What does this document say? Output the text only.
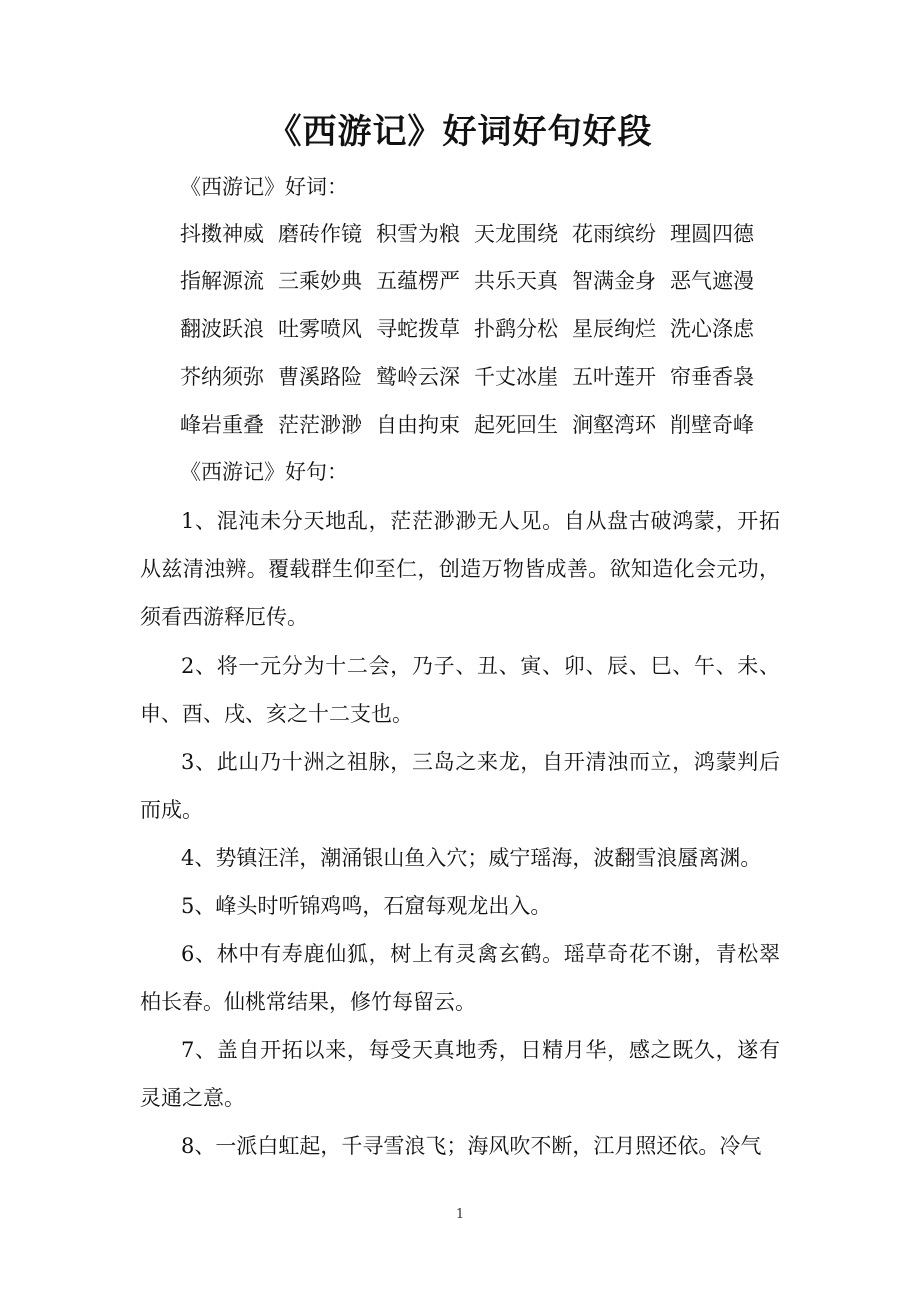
《西游记》好词好句好段
《西游记》好词：
抖擞神威 磨砖作镜 积雪为粮 天龙围绕 花雨缤纷 理圆四德
指解源流 三乘妙典 五蕴楞严 共乐天真 智满金身 恶气遮漫
翻波跃浪 吐雾喷风 寻蛇拨草 扑鹞分松 星辰绚烂 洗心涤虑
芥纳须弥 曹溪路险 鹫岭云深 千丈冰崖 五叶莲开 帘垂香袅
峰岩重叠 茫茫渺渺 自由拘束 起死回生 涧壑湾环 削壁奇峰
《西游记》好句：

1、混沌未分天地乱，茫茫渺渺无人见。自从盘古破鸿蒙，开拓从兹清浊辨。覆载群生仰至仁，创造万物皆成善。欲知造化会元功，须看西游释厄传。

2、将一元分为十二会，乃子、丑、寅、卯、辰、巳、午、未、申、酉、戌、亥之十二支也。

3、此山乃十洲之祖脉，三岛之来龙，自开清浊而立，鸿蒙判后而成。

4、势镇汪洋，潮涌银山鱼入穴；威宁瑶海，波翻雪浪蜃离渊。

5、峰头时听锦鸡鸣，石窟每观龙出入。

6、林中有寿鹿仙狐，树上有灵禽玄鹤。瑶草奇花不谢，青松翠柏长春。仙桃常结果，修竹每留云。

7、盖自开拓以来，每受天真地秀，日精月华，感之既久，遂有灵通之意。

8、一派白虹起，千寻雪浪飞；海风吹不断，江月照还依。冷气

1
